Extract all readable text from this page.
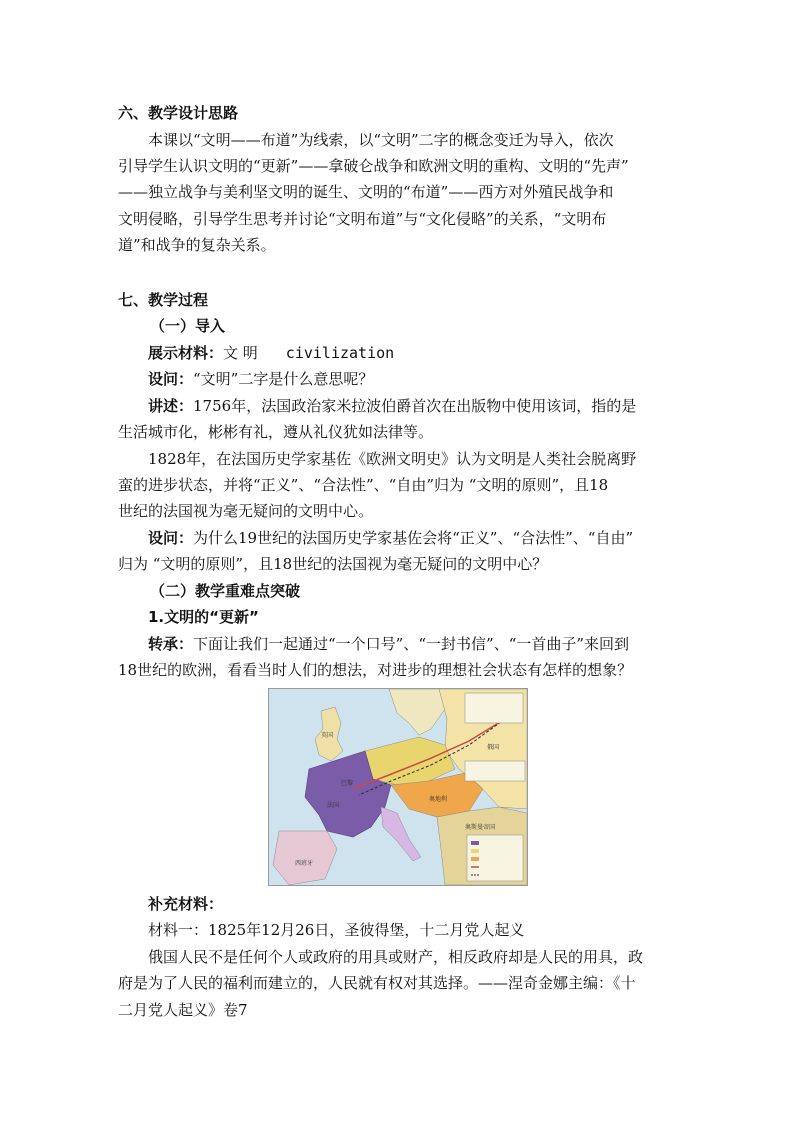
六、教学设计思路
本课以“文明——布道”为线索，以“文明”二字的概念变迁为导入，依次
引导学生认识文明的“更新”——拿破仑战争和欧洲文明的重构、文明的“先声”
——独立战争与美利坚文明的诞生、文明的“布道”——西方对外殖民战争和
文明侵略，引导学生思考并讨论“文明布道”与“文化侵略”的关系，“文明布
道”和战争的复杂关系。
七、教学过程
（一）导入
展示材料：文 明 civilization
设问：“文明”二字是什么意思呢？
讲述：1756年，法国政治家米拉波伯爵首次在出版物中使用该词，指的是
生活城市化，彬彬有礼，遵从礼仪犹如法律等。
1828年，在法国历史学家基佐《欧洲文明史》认为文明是人类社会脱离野
蛮的进步状态，并将“正义”、“合法性”、“自由”归为 “文明的原则”，且18
世纪的法国视为毫无疑问的文明中心。
设问：为什么19世纪的法国历史学家基佐会将“正义”、“合法性”、“自由”
归为 “文明的原则”，且18世纪的法国视为毫无疑问的文明中心？
（二）教学重难点突破
1.文明的“更新”
转承：下面让我们一起通过“一个口号”、“一封书信”、“一首曲子”来回到
18世纪的欧洲，看看当时人们的想法，对进步的理想社会状态有怎样的想象？
英国
法国
西班牙
巴黎
奥地利
俄国
奥斯曼帝国
补充材料：
材料一：1825年12月26日，圣彼得堡，十二月党人起义
俄国人民不是任何个人或政府的用具或财产，相反政府却是人民的用具，政
府是为了人民的福利而建立的，人民就有权对其选择。——涅奇金娜主编：《十
二月党人起义》卷7
